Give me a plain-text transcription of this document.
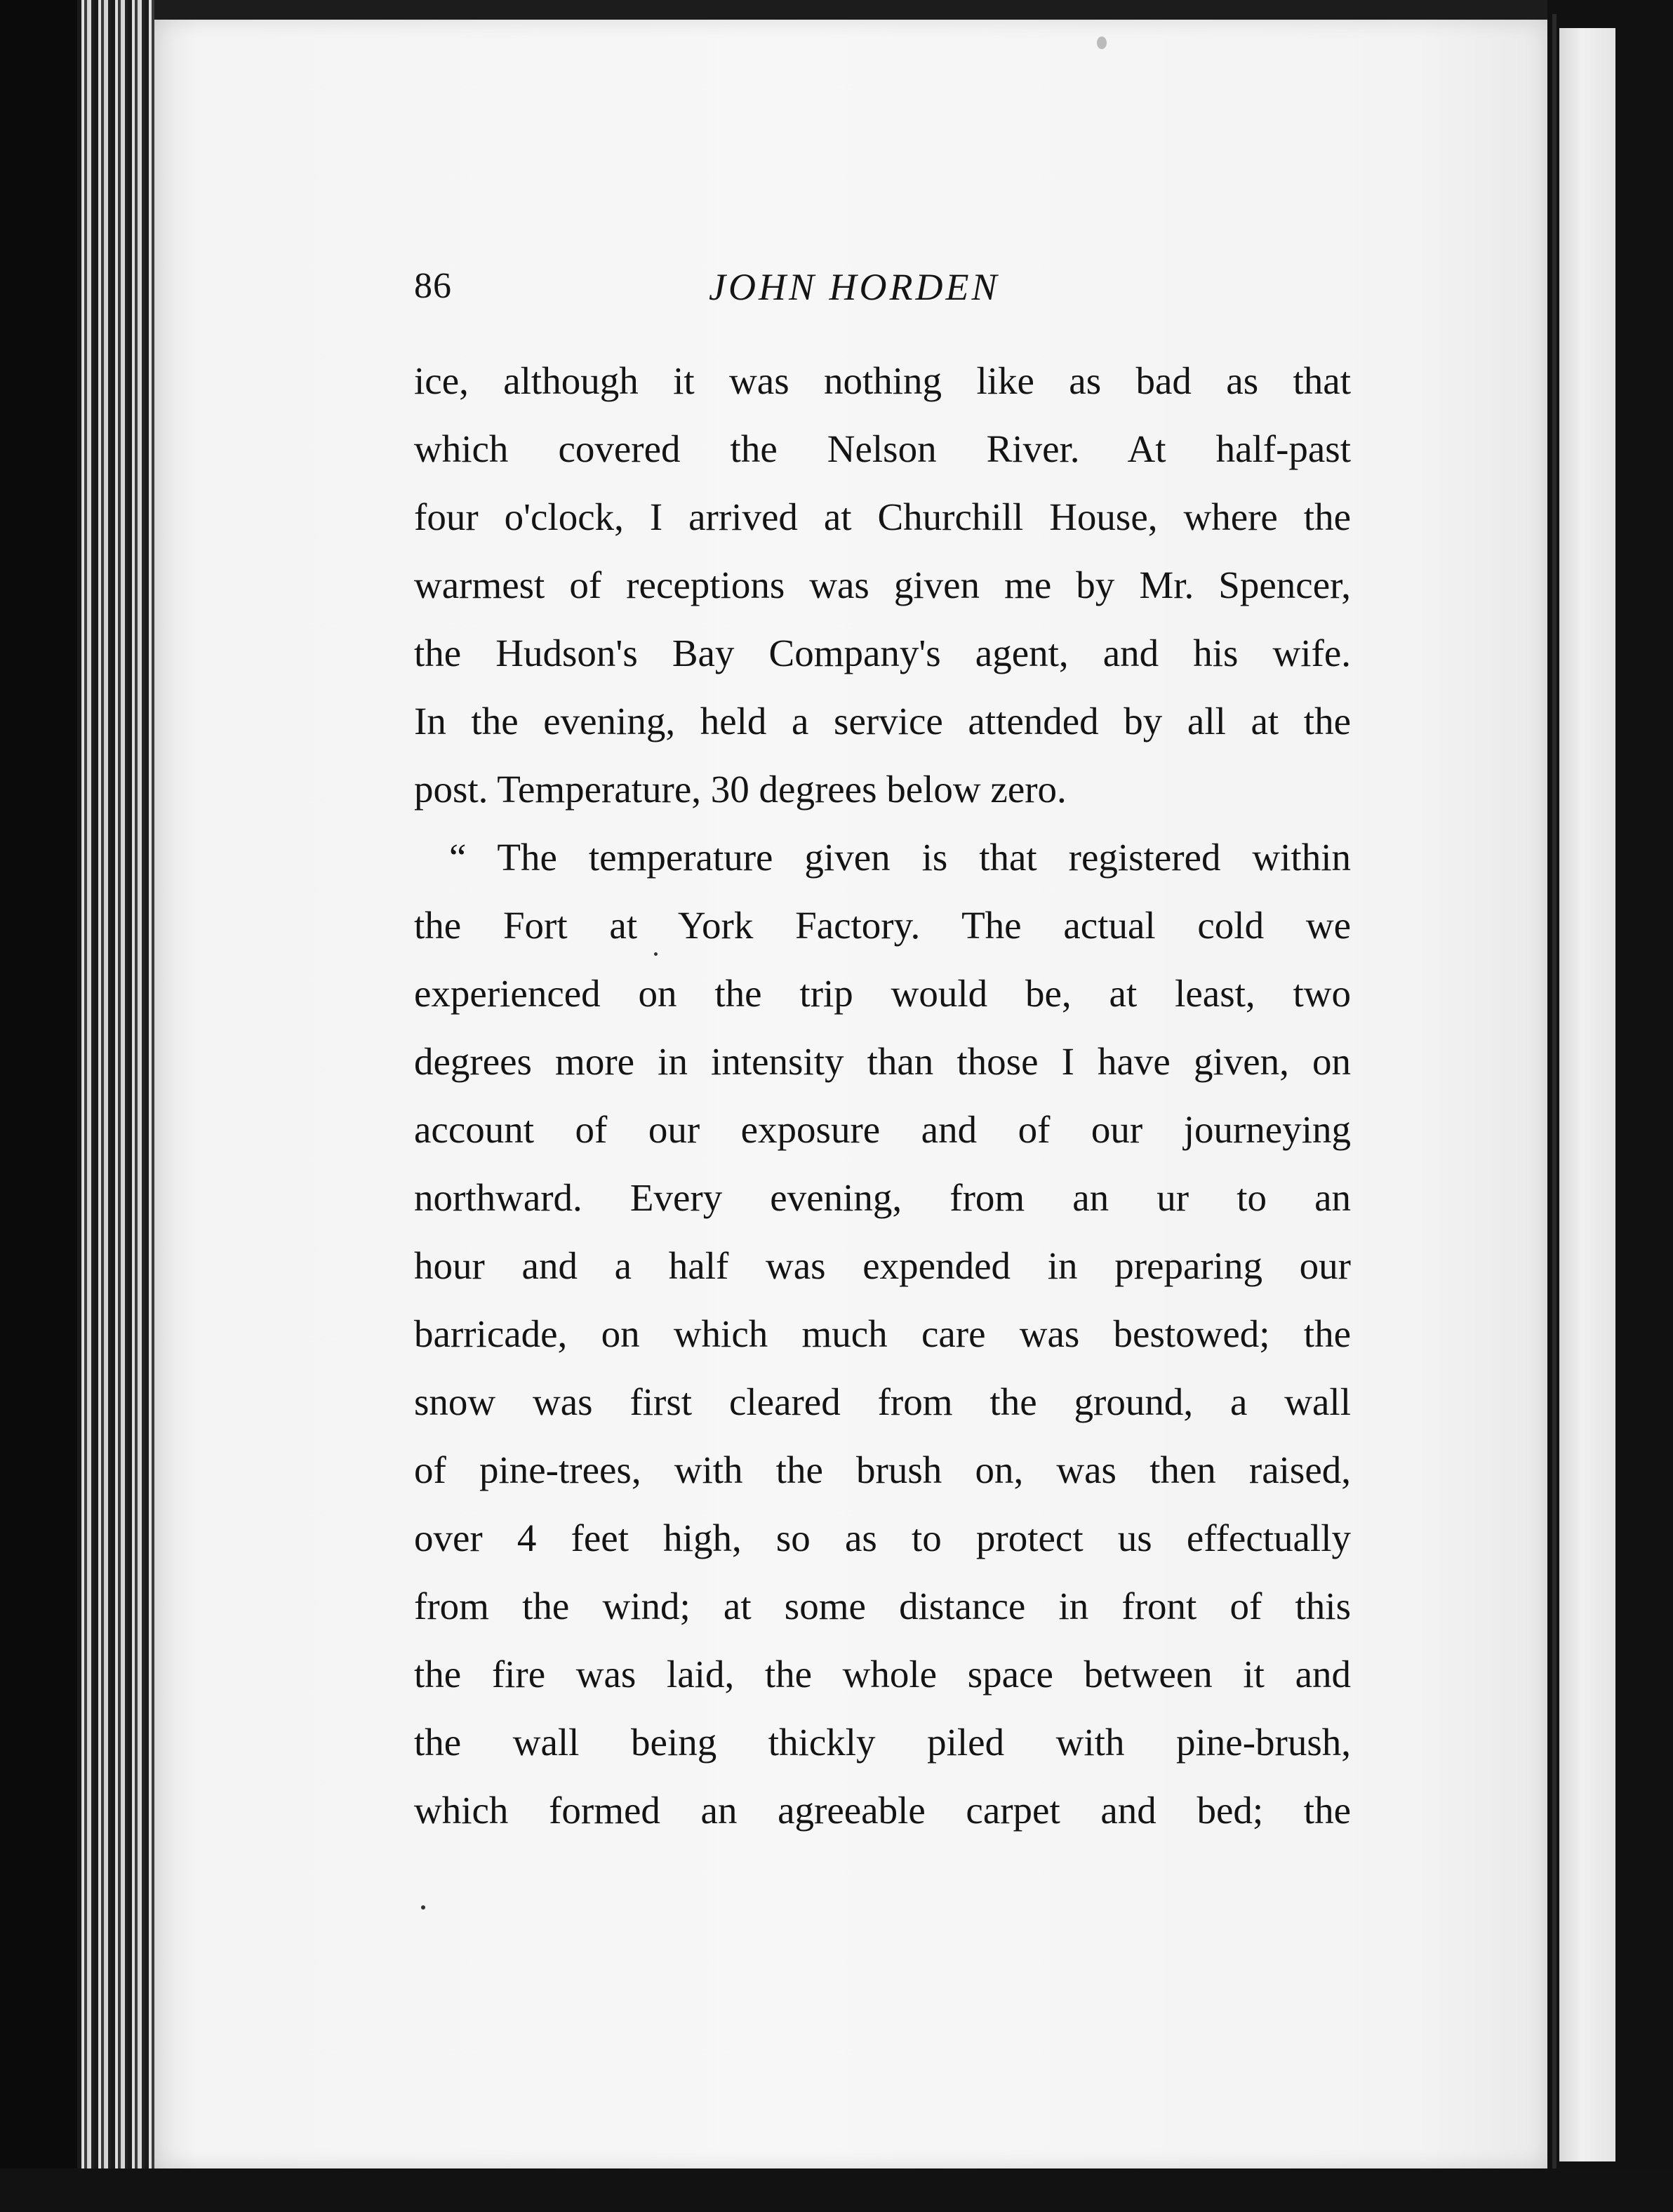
86	JOHN HORDEN
ice, although it was nothing like as bad as that
which covered the Nelson River. At half-past
four o'clock, I arrived at Churchill House, where the
warmest of receptions was given me by Mr. Spencer,
the Hudson's Bay Company's agent, and his wife.
In the evening, held a service attended by all at the
post. Temperature, 30 degrees below zero.
“ The temperature given is that registered within
the Fort at York Factory. The actual cold we
experienced on the trip would be, at least, two
degrees more in intensity than those I have given, on
account of our exposure and of our journeying
northward. Every evening, from an ur to an
hour and a half was expended in preparing our
barricade, on which much care was bestowed; the
snow was first cleared from the ground, a wall
of pine-trees, with the brush on, was then raised,
over 4 feet high, so as to protect us effectually
from the wind; at some distance in front of this
the fire was laid, the whole space between it and
the wall being thickly piled with pine-brush,
which formed an agreeable carpet and bed; the
